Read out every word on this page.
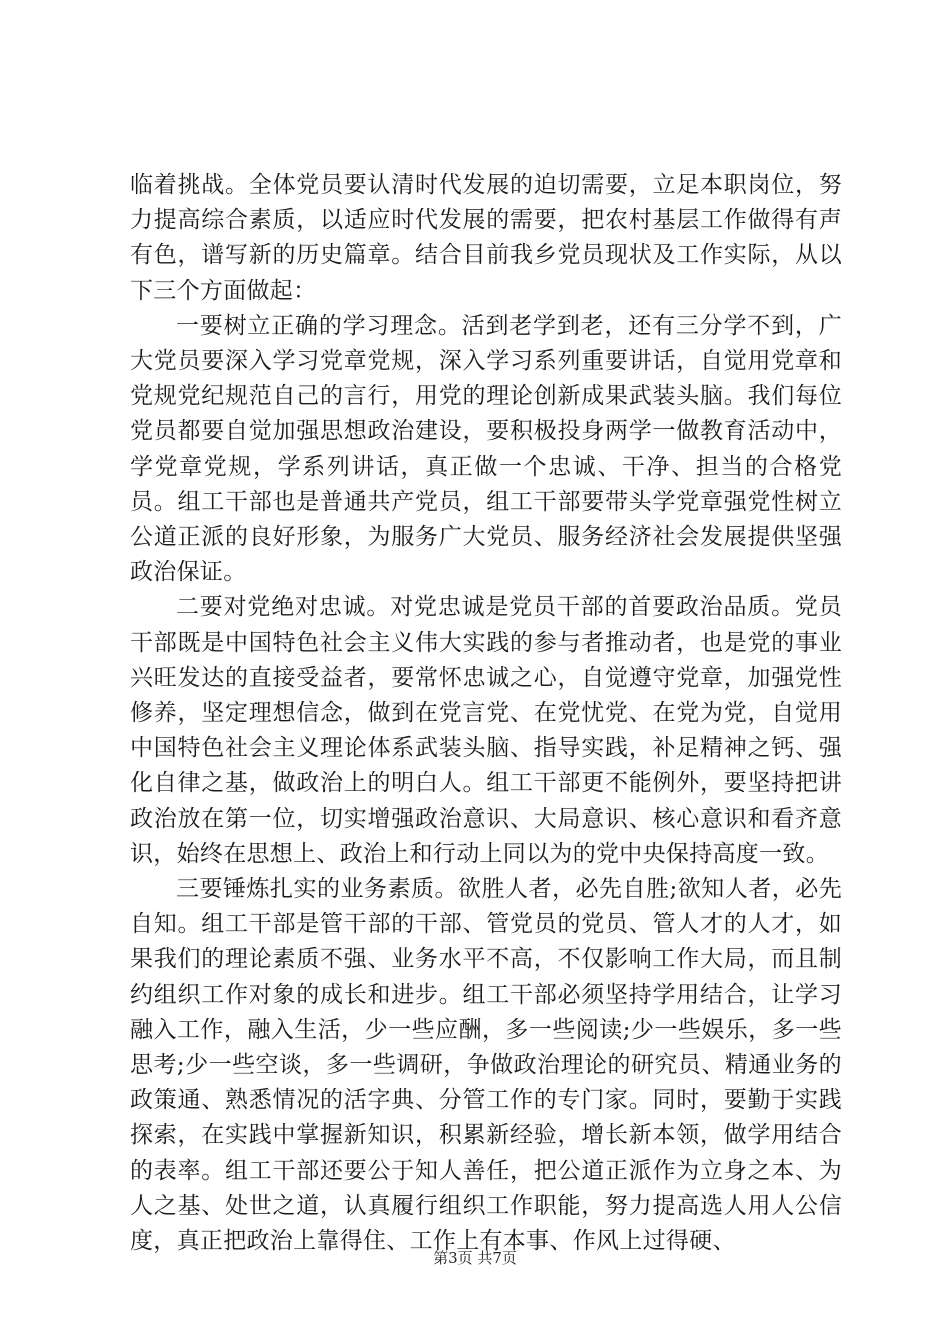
临着挑战。全体党员要认清时代发展的迫切需要，立足本职岗位，努力提高综合素质，以适应时代发展的需要，把农村基层工作做得有声有色，谱写新的历史篇章。结合目前我乡党员现状及工作实际，从以下三个方面做起：

一要树立正确的学习理念。活到老学到老，还有三分学不到，广大党员要深入学习党章党规，深入学习系列重要讲话，自觉用党章和党规党纪规范自己的言行，用党的理论创新成果武装头脑。我们每位党员都要自觉加强思想政治建设，要积极投身两学一做教育活动中，学党章党规，学系列讲话，真正做一个忠诚、干净、担当的合格党员。组工干部也是普通共产党员，组工干部要带头学党章强党性树立公道正派的良好形象，为服务广大党员、服务经济社会发展提供坚强政治保证。

二要对党绝对忠诚。对党忠诚是党员干部的首要政治品质。党员干部既是中国特色社会主义伟大实践的参与者推动者，也是党的事业兴旺发达的直接受益者，要常怀忠诚之心，自觉遵守党章，加强党性修养，坚定理想信念，做到在党言党、在党忧党、在党为党，自觉用中国特色社会主义理论体系武装头脑、指导实践，补足精神之钙、强化自律之基，做政治上的明白人。组工干部更不能例外，要坚持把讲政治放在第一位，切实增强政治意识、大局意识、核心意识和看齐意识，始终在思想上、政治上和行动上同以为的党中央保持高度一致。

三要锤炼扎实的业务素质。欲胜人者，必先自胜;欲知人者，必先自知。组工干部是管干部的干部、管党员的党员、管人才的人才，如果我们的理论素质不强、业务水平不高，不仅影响工作大局，而且制约组织工作对象的成长和进步。组工干部必须坚持学用结合，让学习融入工作，融入生活，少一些应酬，多一些阅读;少一些娱乐，多一些思考;少一些空谈，多一些调研，争做政治理论的研究员、精通业务的政策通、熟悉情况的活字典、分管工作的专门家。同时，要勤于实践探索，在实践中掌握新知识，积累新经验，增长新本领，做学用结合的表率。组工干部还要公于知人善任，把公道正派作为立身之本、为人之基、处世之道，认真履行组织工作职能，努力提高选人用人公信度，真正把政治上靠得住、工作上有本事、作风上过得硬、

第3页 共7页
